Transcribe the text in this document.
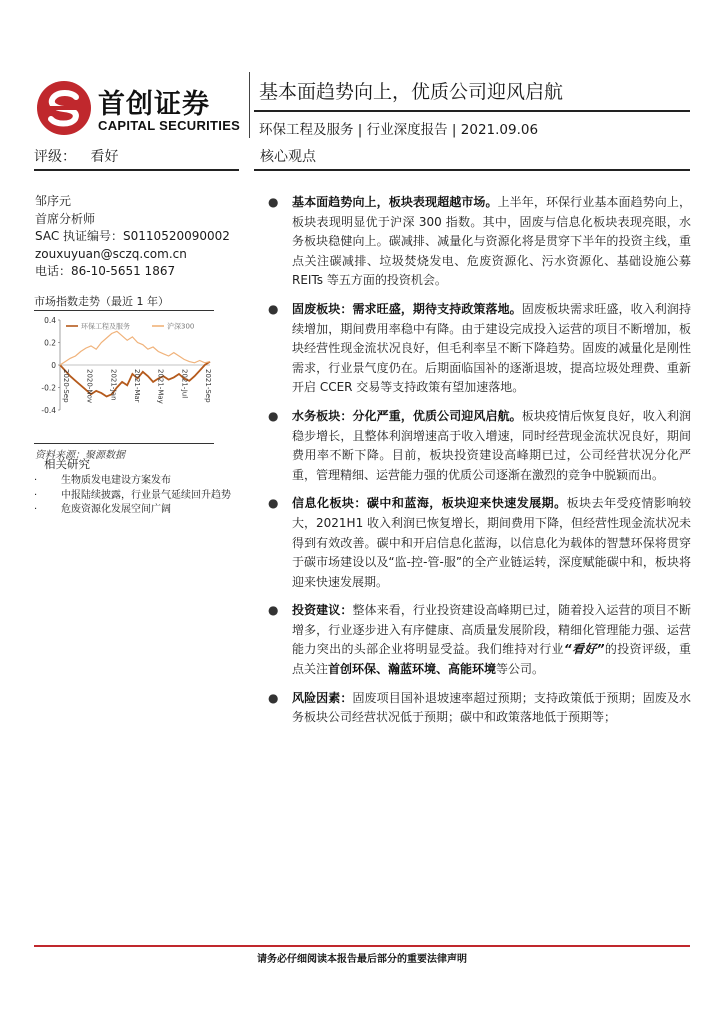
首创证券
CAPITAL SECURITIES
基本面趋势向上，优质公司迎风启航
环保工程及服务 | 行业深度报告 | 2021.09.06
评级： 看好	核心观点
邹序元
首席分析师
SAC 执证编号：S0110520090002
zouxuyuan@sczq.com.cn
电话：86-10-5651 1867
市场指数走势（最近 1 年）
0.4
0.2
0
-0.2
-0.4
环保工程及服务	沪深300
2020-Sep 2020-Nov 2021-Jan 2021-Mar 2021-May 2021-Jul 2021-Sep
资料来源：聚源数据
相关研究
· 生物质发电建设方案发布
· 中报陆续披露，行业景气延续回升趋势
· 危废资源化发展空间广阔
● 基本面趋势向上，板块表现超越市场。上半年，环保行业基本面趋势向上，板块表现明显优于沪深 300 指数。其中，固废与信息化板块表现亮眼，水务板块稳健向上。碳减排、减量化与资源化将是贯穿下半年的投资主线，重点关注碳减排、垃圾焚烧发电、危废资源化、污水资源化、基础设施公募 REITs 等五方面的投资机会。
● 固废板块：需求旺盛，期待支持政策落地。固废板块需求旺盛，收入利润持续增加，期间费用率稳中有降。由于建设完成投入运营的项目不断增加，板块经营性现金流状况良好，但毛利率呈不断下降趋势。固废的减量化是刚性需求，行业景气度仍在。后期面临国补的逐渐退坡，提高垃圾处理费、重新开启 CCER 交易等支持政策有望加速落地。
● 水务板块：分化严重，优质公司迎风启航。板块疫情后恢复良好，收入利润稳步增长，且整体利润增速高于收入增速，同时经营现金流状况良好，期间费用率不断下降。目前，板块投资建设高峰期已过，公司经营状况分化严重，管理精细、运营能力强的优质公司逐渐在激烈的竞争中脱颖而出。
● 信息化板块：碳中和蓝海，板块迎来快速发展期。板块去年受疫情影响较大，2021H1 收入利润已恢复增长，期间费用下降，但经营性现金流状况未得到有效改善。碳中和开启信息化蓝海，以信息化为载体的智慧环保将贯穿于碳市场建设以及“监-控-管-服”的全产业链运转，深度赋能碳中和，板块将迎来快速发展期。
● 投资建议：整体来看，行业投资建设高峰期已过，随着投入运营的项目不断增多，行业逐步进入有序健康、高质量发展阶段，精细化管理能力强、运营能力突出的头部企业将明显受益。我们维持对行业“看好”的投资评级，重点关注首创环保、瀚蓝环境、高能环境等公司。
● 风险因素：固废项目国补退坡速率超过预期；支持政策低于预期；固废及水务板块公司经营状况低于预期；碳中和政策落地低于预期等；
请务必仔细阅读本报告最后部分的重要法律声明
